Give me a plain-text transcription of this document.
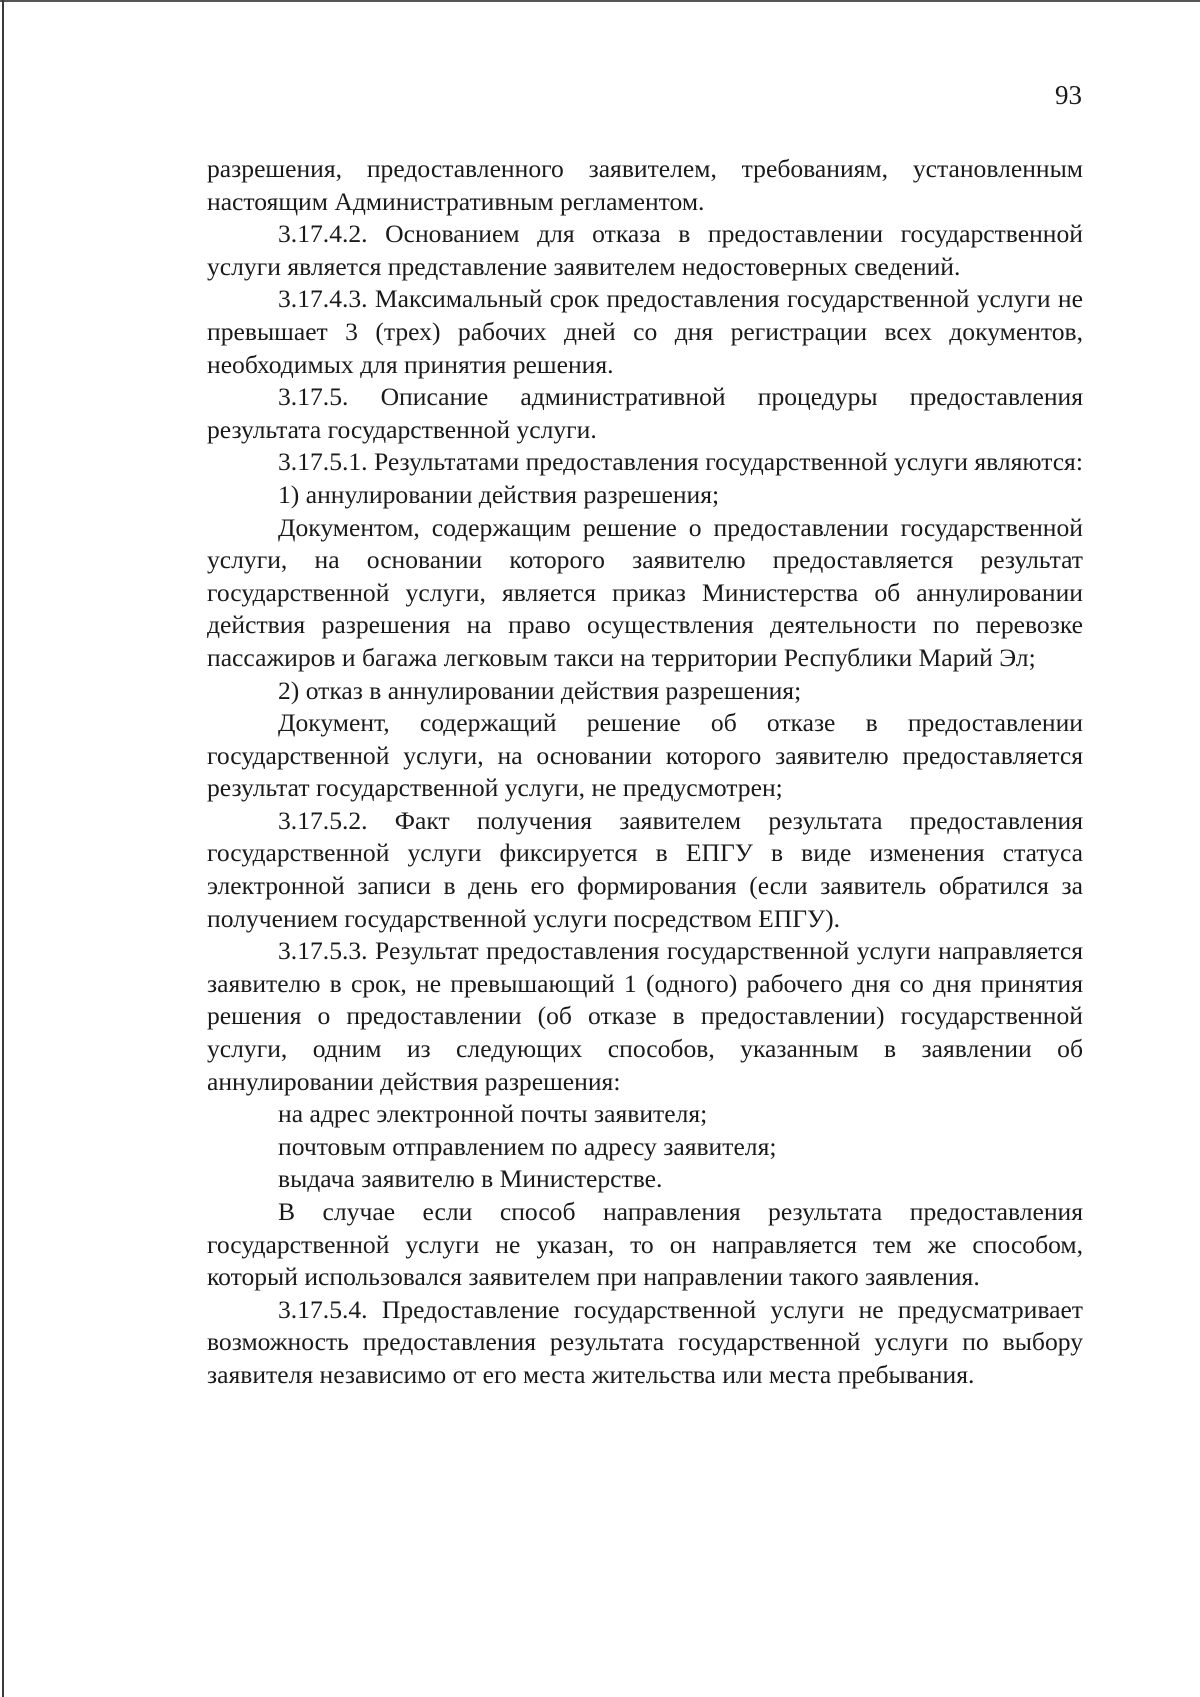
93

разрешения, предоставленного заявителем, требованиям, установленным настоящим Административным регламентом.

3.17.4.2. Основанием для отказа в предоставлении государственной услуги является представление заявителем недостоверных сведений.

3.17.4.3. Максимальный срок предоставления государственной услуги не превышает 3 (трех) рабочих дней со дня регистрации всех документов, необходимых для принятия решения.

3.17.5. Описание административной процедуры предоставления результата государственной услуги.

3.17.5.1. Результатами предоставления государственной услуги являются:

1) аннулировании действия разрешения;

Документом, содержащим решение о предоставлении государственной услуги, на основании которого заявителю предоставляется результат государственной услуги, является приказ Министерства об аннулировании действия разрешения на право осуществления деятельности по перевозке пассажиров и багажа легковым такси на территории Республики Марий Эл;

2) отказ в аннулировании действия разрешения;

Документ, содержащий решение об отказе в предоставлении государственной услуги, на основании которого заявителю предоставляется результат государственной услуги, не предусмотрен;

3.17.5.2. Факт получения заявителем результата предоставления государственной услуги фиксируется в ЕПГУ в виде изменения статуса электронной записи в день его формирования (если заявитель обратился за получением государственной услуги посредством ЕПГУ).

3.17.5.3. Результат предоставления государственной услуги направляется заявителю в срок, не превышающий 1 (одного) рабочего дня со дня принятия решения о предоставлении (об отказе в предоставлении) государственной услуги, одним из следующих способов, указанным в заявлении об аннулировании действия разрешения:

на адрес электронной почты заявителя;

почтовым отправлением по адресу заявителя;

выдача заявителю в Министерстве.

В случае если способ направления результата предоставления государственной услуги не указан, то он направляется тем же способом, который использовался заявителем при направлении такого заявления.

3.17.5.4. Предоставление государственной услуги не предусматривает возможность предоставления результата государственной услуги по выбору заявителя независимо от его места жительства или места пребывания.
